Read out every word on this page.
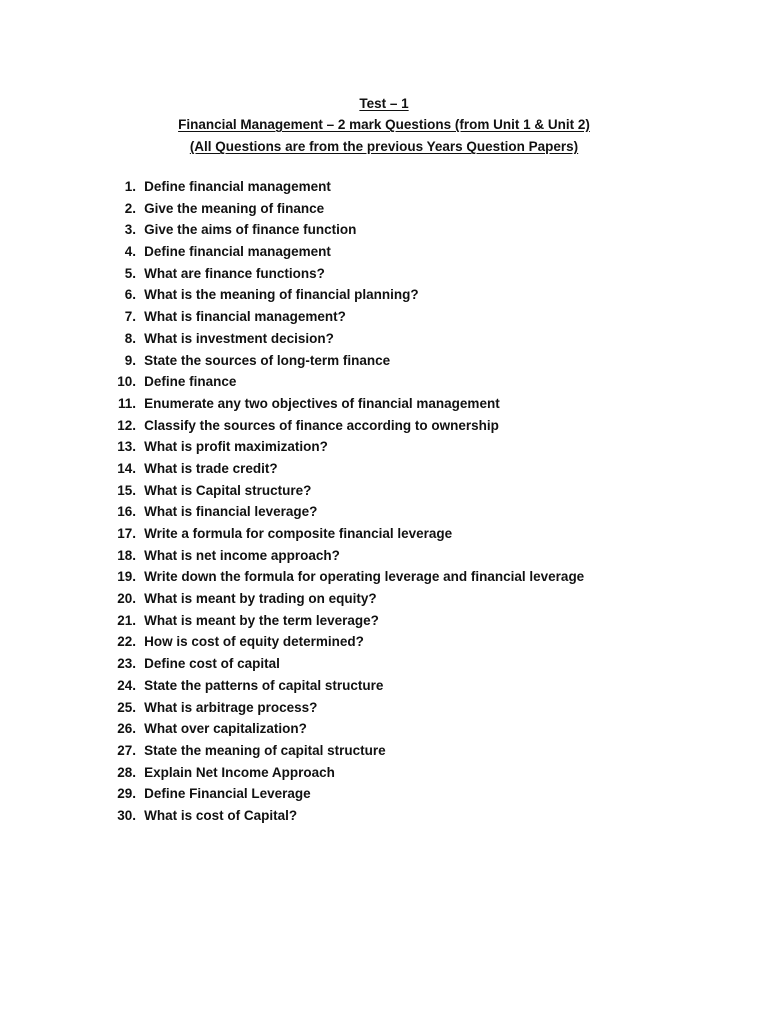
Test – 1
Financial Management – 2 mark Questions (from Unit 1 & Unit 2)
(All Questions are from the previous Years Question Papers)
1. Define financial management
2. Give the meaning of finance
3. Give the aims of finance function
4. Define financial management
5. What are finance functions?
6. What is the meaning of financial planning?
7. What is financial management?
8. What is investment decision?
9. State the sources of long-term finance
10. Define finance
11. Enumerate any two objectives of financial management
12. Classify the sources of finance according to ownership
13. What is profit maximization?
14. What is trade credit?
15. What is Capital structure?
16. What is financial leverage?
17. Write a formula for composite financial leverage
18. What is net income approach?
19. Write down the formula for operating leverage and financial leverage
20. What is meant by trading on equity?
21. What is meant by the term leverage?
22. How is cost of equity determined?
23. Define cost of capital
24. State the patterns of capital structure
25. What is arbitrage process?
26. What over capitalization?
27. State the meaning of capital structure
28. Explain Net Income Approach
29. Define Financial Leverage
30. What is cost of Capital?
